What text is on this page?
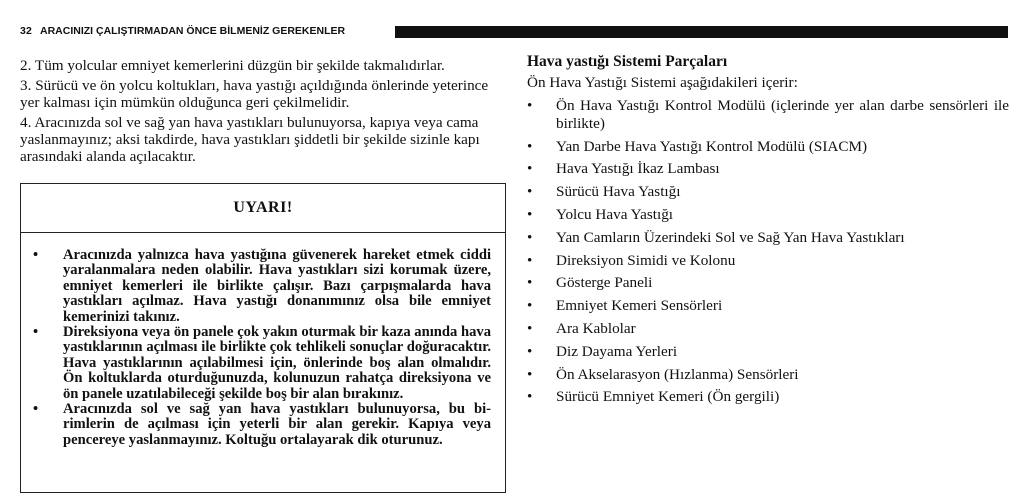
32 ARACINIZI ÇALIŞTIRMADAN ÖNCE BİLMENİZ GEREKENLER

2. Tüm yolcular emniyet kemerlerini düzgün bir şekilde takmalıdırlar.

3. Sürücü ve ön yolcu koltukları, hava yastığı açıldığında önlerinde yeterince yer kalması için mümkün olduğunca geri çekilmelidir.

4. Aracınızda sol ve sağ yan hava yastıkları bulunuyorsa, kapıya veya cama yaslanmayınız; aksi takdirde, hava yastıkları şiddetli bir şekilde sizinle kapı arasındaki alanda açılacaktır.

UYARI!
• Aracınızda yalnızca hava yastığına güvenerek hareket etmek ciddi yaralanmalara neden olabilir. Hava yastıkları sizi korumak üzere, emniyet kemerleri ile birlikte çalışır. Bazı çarpışmalarda hava yastıkları açılmaz. Hava yastığı donanımınız olsa bile emniyet kemerinizi takınız.
• Direksiyona veya ön panele çok yakın oturmak bir kaza anında hava yastıklarının açılması ile birlikte çok tehlikeli sonuçlar doğuracaktır. Hava yastıklarının açılabilmesi için, önlerinde boş alan olmalıdır. Ön koltuklarda oturduğunuzda, kolunuzun rahatça direksiyona ve ön panele uzatılabileceği şekilde boş bir alan bırakınız.
• Aracınızda sol ve sağ yan hava yastıkları bulunuyorsa, bu bi-rimlerin de açılması için yeterli bir alan gerekir. Kapıya veya pencereye yaslanmayınız. Koltuğu ortalayarak dik oturunuz.
Hava yastığı Sistemi Parçaları
Ön Hava Yastığı Sistemi aşağıdakileri içerir:
• Ön Hava Yastığı Kontrol Modülü (içlerinde yer alan darbe sensörleri ile birlikte)
• Yan Darbe Hava Yastığı Kontrol Modülü (SIACM)
• Hava Yastığı İkaz Lambası
• Sürücü Hava Yastığı
• Yolcu Hava Yastığı
• Yan Camların Üzerindeki Sol ve Sağ Yan Hava Yastıkları
• Direksiyon Simidi ve Kolonu
• Gösterge Paneli
• Emniyet Kemeri Sensörleri
• Ara Kablolar
• Diz Dayama Yerleri
• Ön Akselarasyon (Hızlanma) Sensörleri
• Sürücü Emniyet Kemeri (Ön gergili)
